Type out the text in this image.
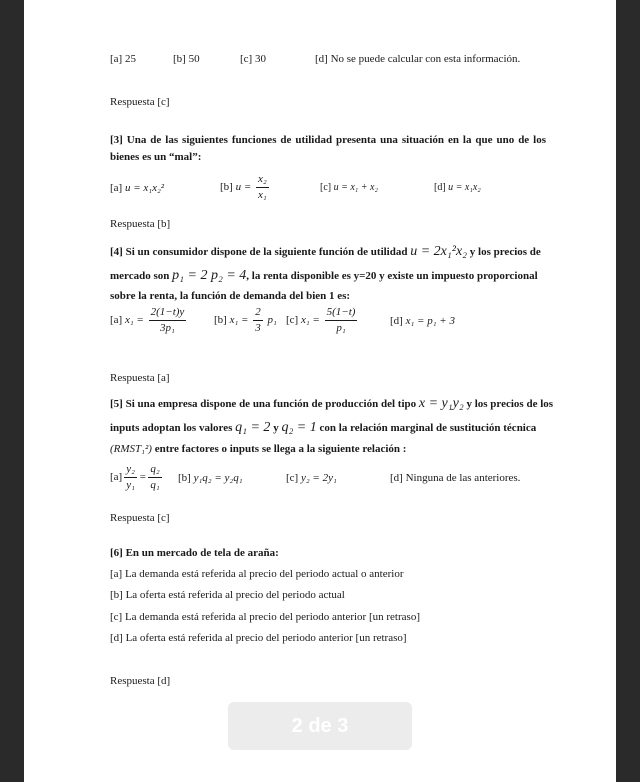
[a] 25	[b] 50	[c] 30	[d] No se puede calcular con esta información.
Respuesta [c]
[3] Una de las siguientes funciones de utilidad presenta una situación en la que uno de los bienes es un “mal”:
[a] u = x₁x₂²	[b] $u = \frac{\text{x₂}}{\text{x₁}}$	[c] u = x₁ + x₂	[d] u = x₁x₂
Respuesta [b]
[4] Si un consumidor dispone de la siguiente función de utilidad u = 2x₁²x₂ y los precios de
mercado son p₁ = 2 p₂ = 4, la renta disponible es y=20 y existe un impuesto proporcional
sobre la renta, la función de demanda del bien 1 es:
[a] $x_1 = \frac{2(1-t)y}{\text{3p₁}}$	[b] $x_1 = \frac{2}{3} p_1$ [c] $x_1 = \frac{5(1-t)}{\text{p₁}}$	[d] x₁ = p₁ + 3
Respuesta [a]
[5] Si una empresa dispone de una función de producción del tipo x = y₁y₂ y los precios de los
inputs adoptan los valores q₁ = 2 y q₂ = 1 con la relación marginal de sustitución técnica
(RMST₁²) entre factores o inputs se llega a la siguiente relación :
$[a] \frac{\text{y₂}}{\text{y₁}} = \frac{\text{q₂}}{\text{q₁}} [b] y_1q_2 = y_2q_1$	[c] y₂ = 2y₁	[d] Ninguna de las anteriores.
Respuesta [c]
[6] En un mercado de tela de araña:
[a] La demanda está referida al precio del periodo actual o anterior
[b] La oferta está referida al precio del periodo actual
[c] La demanda está referida al precio del periodo anterior [un retraso]
[d] La oferta está referida al precio del periodo anterior [un retraso]
Respuesta [d]
2 de 3
